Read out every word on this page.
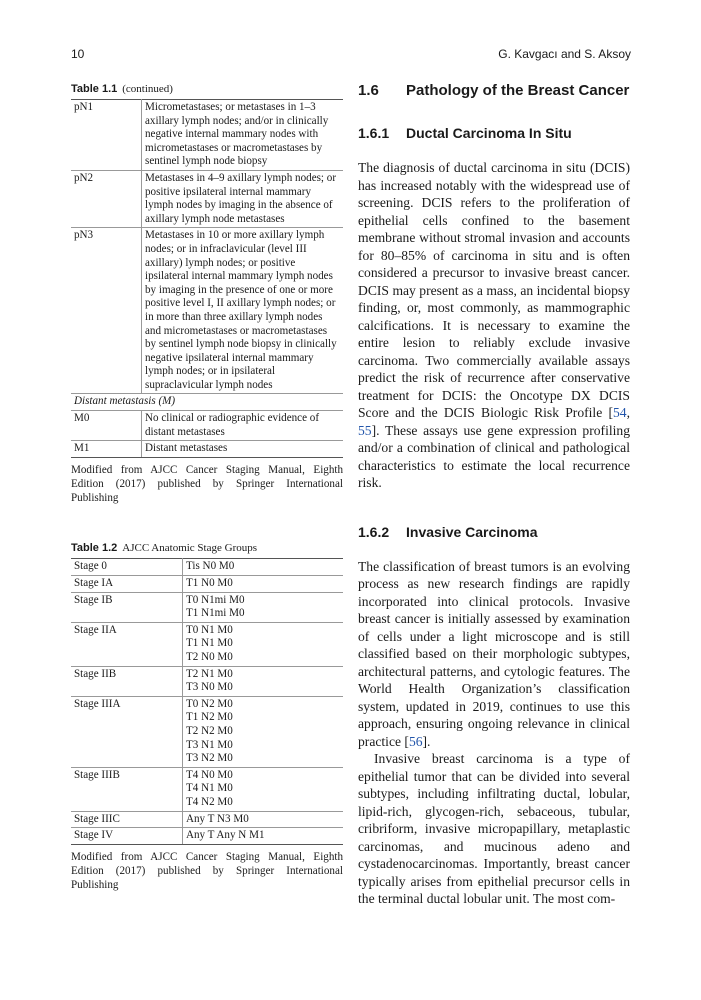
10	G. Kavgacı and S. Aksoy
Table 1.1 (continued)
pN1	Micrometastases; or metastases in 1–3 axillary lymph nodes; and/or in clinically negative internal mammary nodes with micrometastases or macrometastases by sentinel lymph node biopsy
pN2	Metastases in 4–9 axillary lymph nodes; or positive ipsilateral internal mammary lymph nodes by imaging in the absence of axillary lymph node metastases
pN3	Metastases in 10 or more axillary lymph nodes; or in infraclavicular (level III axillary) lymph nodes; or positive ipsilateral internal mammary lymph nodes by imaging in the presence of one or more positive level I, II axillary lymph nodes; or in more than three axillary lymph nodes and micrometastases or macrometastases by sentinel lymph node biopsy in clinically negative ipsilateral internal mammary lymph nodes; or in ipsilateral supraclavicular lymph nodes
Distant metastasis (M)	
M0	No clinical or radiographic evidence of distant metastases
M1	Distant metastases
Modified from AJCC Cancer Staging Manual, Eighth Edition (2017) published by Springer International Publishing
Table 1.2 AJCC Anatomic Stage Groups
Stage 0	Tis N0 M0

Stage IA	T1 N0 M0

Stage IB	T0 N1mi M0
T1 N1mi M0

Stage IIA	T0 N1 M0
T1 N1 M0
T2 N0 M0

Stage IIB	T2 N1 M0
T3 N0 M0

Stage IIIA	T0 N2 M0
T1 N2 M0
T2 N2 M0
T3 N1 M0
T3 N2 M0

Stage IIIB	T4 N0 M0
T4 N1 M0
T4 N2 M0

Stage IIIC	Any T N3 M0

Stage IV	Any T Any N M1
Modified from AJCC Cancer Staging Manual, Eighth Edition (2017) published by Springer International Publishing
1.6	Pathology of the Breast Cancer
1.6.1	Ductal Carcinoma In Situ

The diagnosis of ductal carcinoma in situ (DCIS) has increased notably with the widespread use of screening. DCIS refers to the proliferation of epithelial cells confined to the basement membrane without stromal invasion and accounts for 80–85% of carcinoma in situ and is often considered a precursor to invasive breast cancer. DCIS may present as a mass, an incidental biopsy finding, or, most commonly, as mammographic calcifications. It is necessary to examine the entire lesion to reliably exclude invasive carcinoma. Two commercially available assays predict the risk of recurrence after conservative treatment for DCIS: the Oncotype DX DCIS Score and the DCIS Biologic Risk Profile [54, 55]. These assays use gene expression profiling and/or a combination of clinical and pathological characteristics to estimate the local recurrence risk.

1.6.2	Invasive Carcinoma

The classification of breast tumors is an evolving process as new research findings are rapidly incorporated into clinical protocols. Invasive breast cancer is initially assessed by examination of cells under a light microscope and is still classified based on their morphologic subtypes, architectural patterns, and cytologic features. The World Health Organization’s classification system, updated in 2019, continues to use this approach, ensuring ongoing relevance in clinical practice [56].

Invasive breast carcinoma is a type of epithelial tumor that can be divided into several subtypes, including infiltrating ductal, lobular, lipid-rich, glycogen-rich, sebaceous, tubular, cribriform, invasive micropapillary, metaplastic carcinomas, and mucinous adeno and cystadenocarcinomas. Importantly, breast cancer typically arises from epithelial precursor cells in the terminal ductal lobular unit. The most com-
